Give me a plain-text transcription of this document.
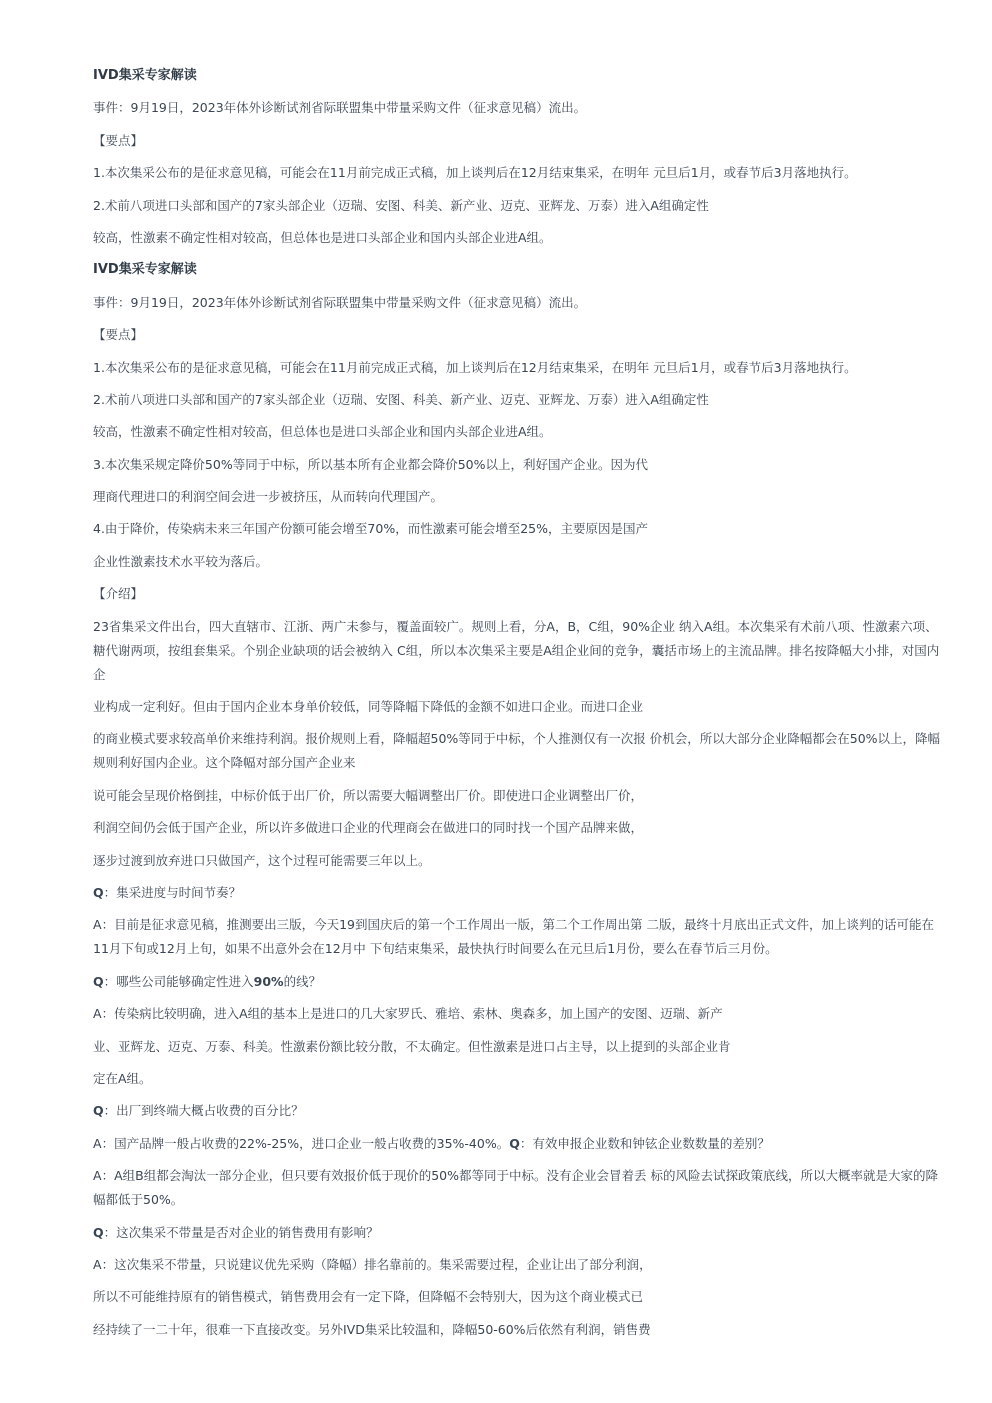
IVD集采专家解读

事件：9月19日，2023年体外诊断试剂省际联盟集中带量采购文件（征求意见稿）流出。

【要点】

1.本次集采公布的是征求意见稿，可能会在11月前完成正式稿，加上谈判后在12月结束集采，在明年 元旦后1月，或春节后3月落地执行。

2.术前八项进口头部和国产的7家头部企业（迈瑞、安图、科美、新产业、迈克、亚辉龙、万泰）进入A组确定性

较高，性激素不确定性相对较高，但总体也是进口头部企业和国内头部企业进A组。

IVD集采专家解读

事件：9月19日，2023年体外诊断试剂省际联盟集中带量采购文件（征求意见稿）流出。

【要点】

1.本次集采公布的是征求意见稿，可能会在11月前完成正式稿，加上谈判后在12月结束集采，在明年 元旦后1月，或春节后3月落地执行。

2.术前八项进口头部和国产的7家头部企业（迈瑞、安图、科美、新产业、迈克、亚辉龙、万泰）进入A组确定性

较高，性激素不确定性相对较高，但总体也是进口头部企业和国内头部企业进A组。

3.本次集采规定降价50%等同于中标，所以基本所有企业都会降价50%以上，利好国产企业。因为代

理商代理进口的利润空间会进一步被挤压，从而转向代理国产。

4.由于降价，传染病未来三年国产份额可能会增至70%，而性激素可能会增至25%，主要原因是国产

企业性激素技术水平较为落后。

【介绍】

23省集采文件出台，四大直辖市、江浙、两广未参与，覆盖面较广。规则上看，分A，B，C组，90%企业 纳入A组。本次集采有术前八项、性激素六项、糖代谢两项，按组套集采。个别企业缺项的话会被纳入 C组，所以本次集采主要是A组企业间的竞争，囊括市场上的主流品牌。排名按降幅大小排，对国内企

业构成一定利好。但由于国内企业本身单价较低，同等降幅下降低的金额不如进口企业。而进口企业

的商业模式要求较高单价来维持利润。报价规则上看，降幅超50%等同于中标，个人推测仅有一次报 价机会，所以大部分企业降幅都会在50%以上，降幅规则利好国内企业。这个降幅对部分国产企业来

说可能会呈现价格倒挂，中标价低于出厂价，所以需要大幅调整出厂价。即使进口企业调整出厂价，

利润空间仍会低于国产企业，所以许多做进口企业的代理商会在做进口的同时找一个国产品牌来做，

逐步过渡到放弃进口只做国产，这个过程可能需要三年以上。

Q：集采进度与时间节奏？

A：目前是征求意见稿，推测要出三版，今天19到国庆后的第一个工作周出一版，第二个工作周出第 二版，最终十月底出正式文件，加上谈判的话可能在11月下旬或12月上旬，如果不出意外会在12月中 下旬结束集采，最快执行时间要么在元旦后1月份，要么在春节后三月份。

Q：哪些公司能够确定性进入90%的线？

A：传染病比较明确，进入A组的基本上是进口的几大家罗氏、雅培、索林、奥森多，加上国产的安图、迈瑞、新产

业、亚辉龙、迈克、万泰、科美。性激素份额比较分散，不太确定。但性激素是进口占主导，以上提到的头部企业肯

定在A组。

Q：出厂到终端大概占收费的百分比？

A：国产品牌一般占收费的22%-25%，进口企业一般占收费的35%-40%。Q：有效申报企业数和钟铉企业数数量的差别？

A：A组B组都会淘汰一部分企业，但只要有效报价低于现价的50%都等同于中标。没有企业会冒着丢 标的风险去试探政策底线，所以大概率就是大家的降幅都低于50%。

Q：这次集采不带量是否对企业的销售费用有影响？

A：这次集采不带量，只说建议优先采购（降幅）排名靠前的。集采需要过程，企业让出了部分利润，

所以不可能维持原有的销售模式，销售费用会有一定下降，但降幅不会特别大，因为这个商业模式已

经持续了一二十年，很难一下直接改变。另外IVD集采比较温和，降幅50-60%后依然有利润，销售费
